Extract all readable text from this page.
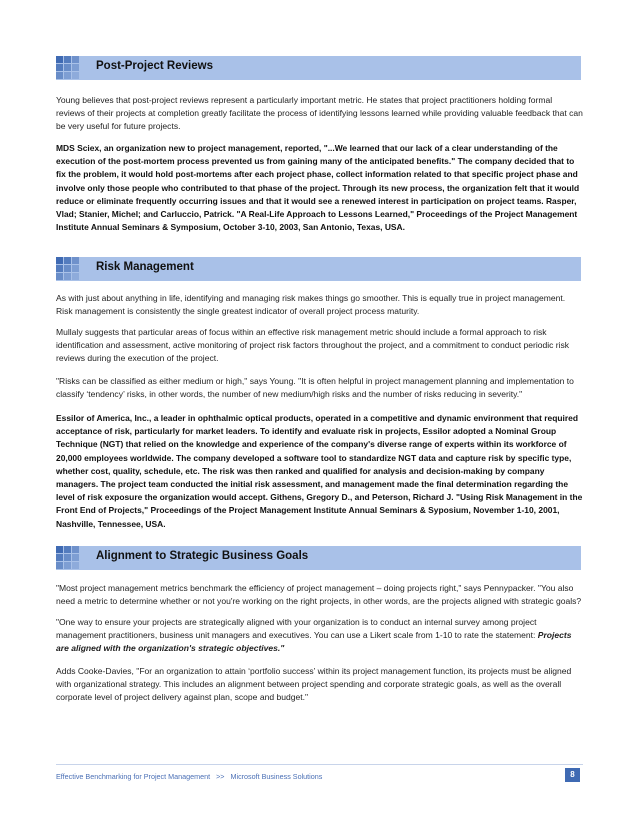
Post-Project Reviews

Young believes that post-project reviews represent a particularly important metric. He states that project practitioners holding formal reviews of their projects at completion greatly facilitate the process of identifying lessons learned while providing valuable feedback that can be very useful for future projects.

MDS Sciex, an organization new to project management, reported, "...We learned that our lack of a clear understanding of the execution of the post-mortem process prevented us from gaining many of the anticipated benefits." The company decided that to fix the problem, it would hold post-mortems after each project phase, collect information related to that specific project phase and involve only those people who contributed to that phase of the project. Through its new process, the organization felt that it would reduce or eliminate frequently occurring issues and that it would see a renewed interest in participation on project teams. Rasper, Vlad; Stanier, Michel; and Carluccio, Patrick. "A Real-Life Approach to Lessons Learned," Proceedings of the Project Management Institute Annual Seminars & Symposium, October 3-10, 2003, San Antonio, Texas, USA.

Risk Management

As with just about anything in life, identifying and managing risk makes things go smoother. This is equally true in project management. Risk management is consistently the single greatest indicator of overall project process maturity.

Mullaly suggests that particular areas of focus within an effective risk management metric should include a formal approach to risk identification and assessment, active monitoring of project risk factors throughout the project, and a commitment to conduct periodic risk reviews during the execution of the project.

"Risks can be classified as either medium or high," says Young. "It is often helpful in project management planning and implementation to classify ‘tendency’ risks, in other words, the number of new medium/high risks and the number of risks reducing in severity."

Essilor of America, Inc., a leader in ophthalmic optical products, operated in a competitive and dynamic environment that required acceptance of risk, particularly for market leaders. To identify and evaluate risk in projects, Essilor adopted a Nominal Group Technique (NGT) that relied on the knowledge and experience of the company's diverse range of experts within its workforce of 20,000 employees worldwide. The company developed a software tool to standardize NGT data and capture risk by specific type, whether cost, quality, schedule, etc. The risk was then ranked and qualified for analysis and decision-making by company managers. The project team conducted the initial risk assessment, and management made the final determination regarding the level of risk exposure the organization would accept. Githens, Gregory D., and Peterson, Richard J. "Using Risk Management in the Front End of Projects," Proceedings of the Project Management Institute Annual Seminars & Syposium, November 1-10, 2001, Nashville, Tennessee, USA.

Alignment to Strategic Business Goals

"Most project management metrics benchmark the efficiency of project management – doing projects right," says Pennypacker. "You also need a metric to determine whether or not you're working on the right projects, in other words, are the projects aligned with strategic goals?

"One way to ensure your projects are strategically aligned with your organization is to conduct an internal survey among project management practitioners, business unit managers and executives. You can use a Likert scale from 1-10 to rate the statement: Projects are aligned with the organization's strategic objectives."

Adds Cooke-Davies, "For an organization to attain ‘portfolio success’ within its project management function, its projects must be aligned with organizational strategy. This includes an alignment between project spending and corporate strategic goals, as well as the overall corporate level of project delivery against plan, scope and budget."

Effective Benchmarking for Project Management >> Microsoft Business Solutions	8
